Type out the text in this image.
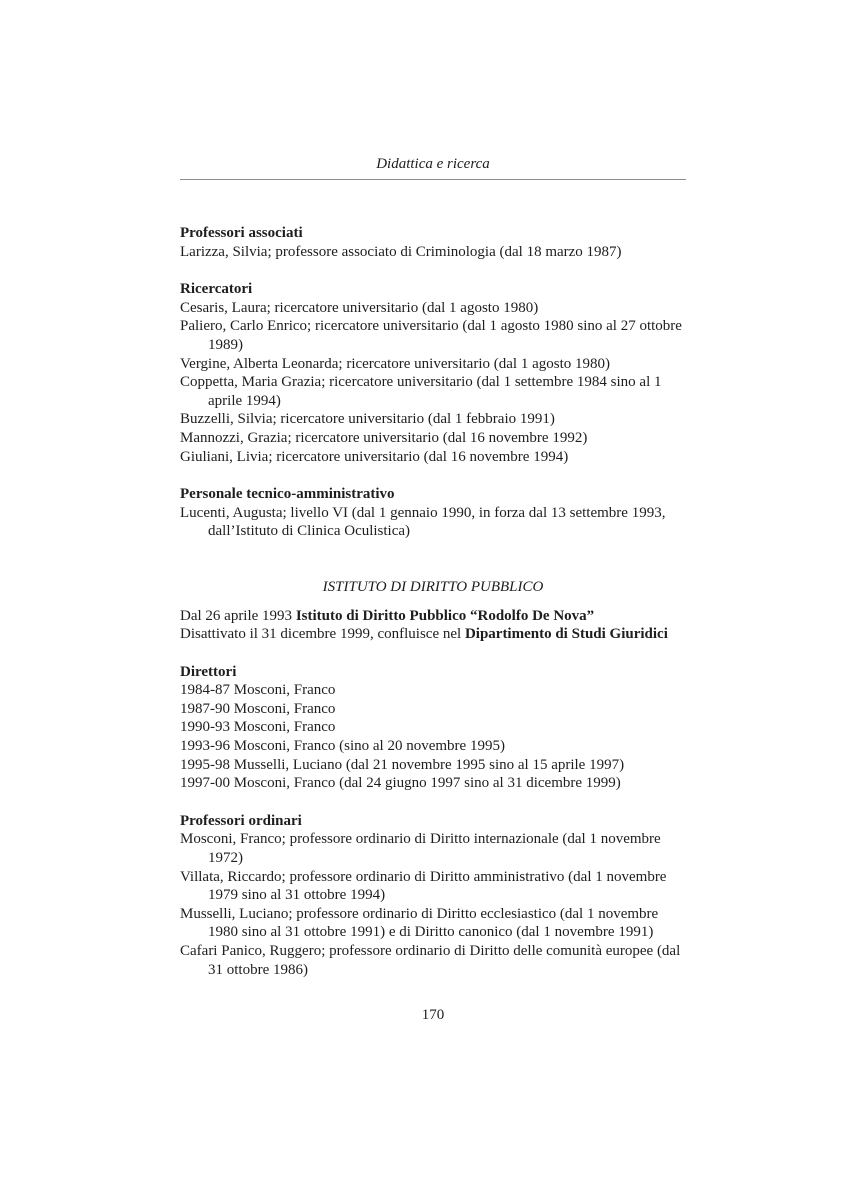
Didattica e ricerca

Professori associati

Larizza, Silvia; professore associato di Criminologia (dal 18 marzo 1987)

Ricercatori

Cesaris, Laura; ricercatore universitario (dal 1 agosto 1980)

Paliero, Carlo Enrico; ricercatore universitario (dal 1 agosto 1980 sino al 27 ottobre 1989)

Vergine, Alberta Leonarda; ricercatore universitario (dal 1 agosto 1980)

Coppetta, Maria Grazia; ricercatore universitario (dal 1 settembre 1984 sino al 1 aprile 1994)

Buzzelli, Silvia; ricercatore universitario (dal 1 febbraio 1991)

Mannozzi, Grazia; ricercatore universitario (dal 16 novembre 1992)

Giuliani, Livia; ricercatore universitario (dal 16 novembre 1994)

Personale tecnico-amministrativo

Lucenti, Augusta; livello VI (dal 1 gennaio 1990, in forza dal 13 settembre 1993, dall’Istituto di Clinica Oculistica)

ISTITUTO DI DIRITTO PUBBLICO

Dal 26 aprile 1993 Istituto di Diritto Pubblico “Rodolfo De Nova”

Disattivato il 31 dicembre 1999, confluisce nel Dipartimento di Studi Giuridici

Direttori

1984-87 Mosconi, Franco

1987-90 Mosconi, Franco

1990-93 Mosconi, Franco

1993-96 Mosconi, Franco (sino al 20 novembre 1995)

1995-98 Musselli, Luciano (dal 21 novembre 1995 sino al 15 aprile 1997)

1997-00 Mosconi, Franco (dal 24 giugno 1997 sino al 31 dicembre 1999)

Professori ordinari

Mosconi, Franco; professore ordinario di Diritto internazionale (dal 1 novembre 1972)

Villata, Riccardo; professore ordinario di Diritto amministrativo (dal 1 novembre 1979 sino al 31 ottobre 1994)

Musselli, Luciano; professore ordinario di Diritto ecclesiastico (dal 1 novembre 1980 sino al 31 ottobre 1991) e di Diritto canonico (dal 1 novembre 1991)

Cafari Panico, Ruggero; professore ordinario di Diritto delle comunità europee (dal 31 ottobre 1986)

170
